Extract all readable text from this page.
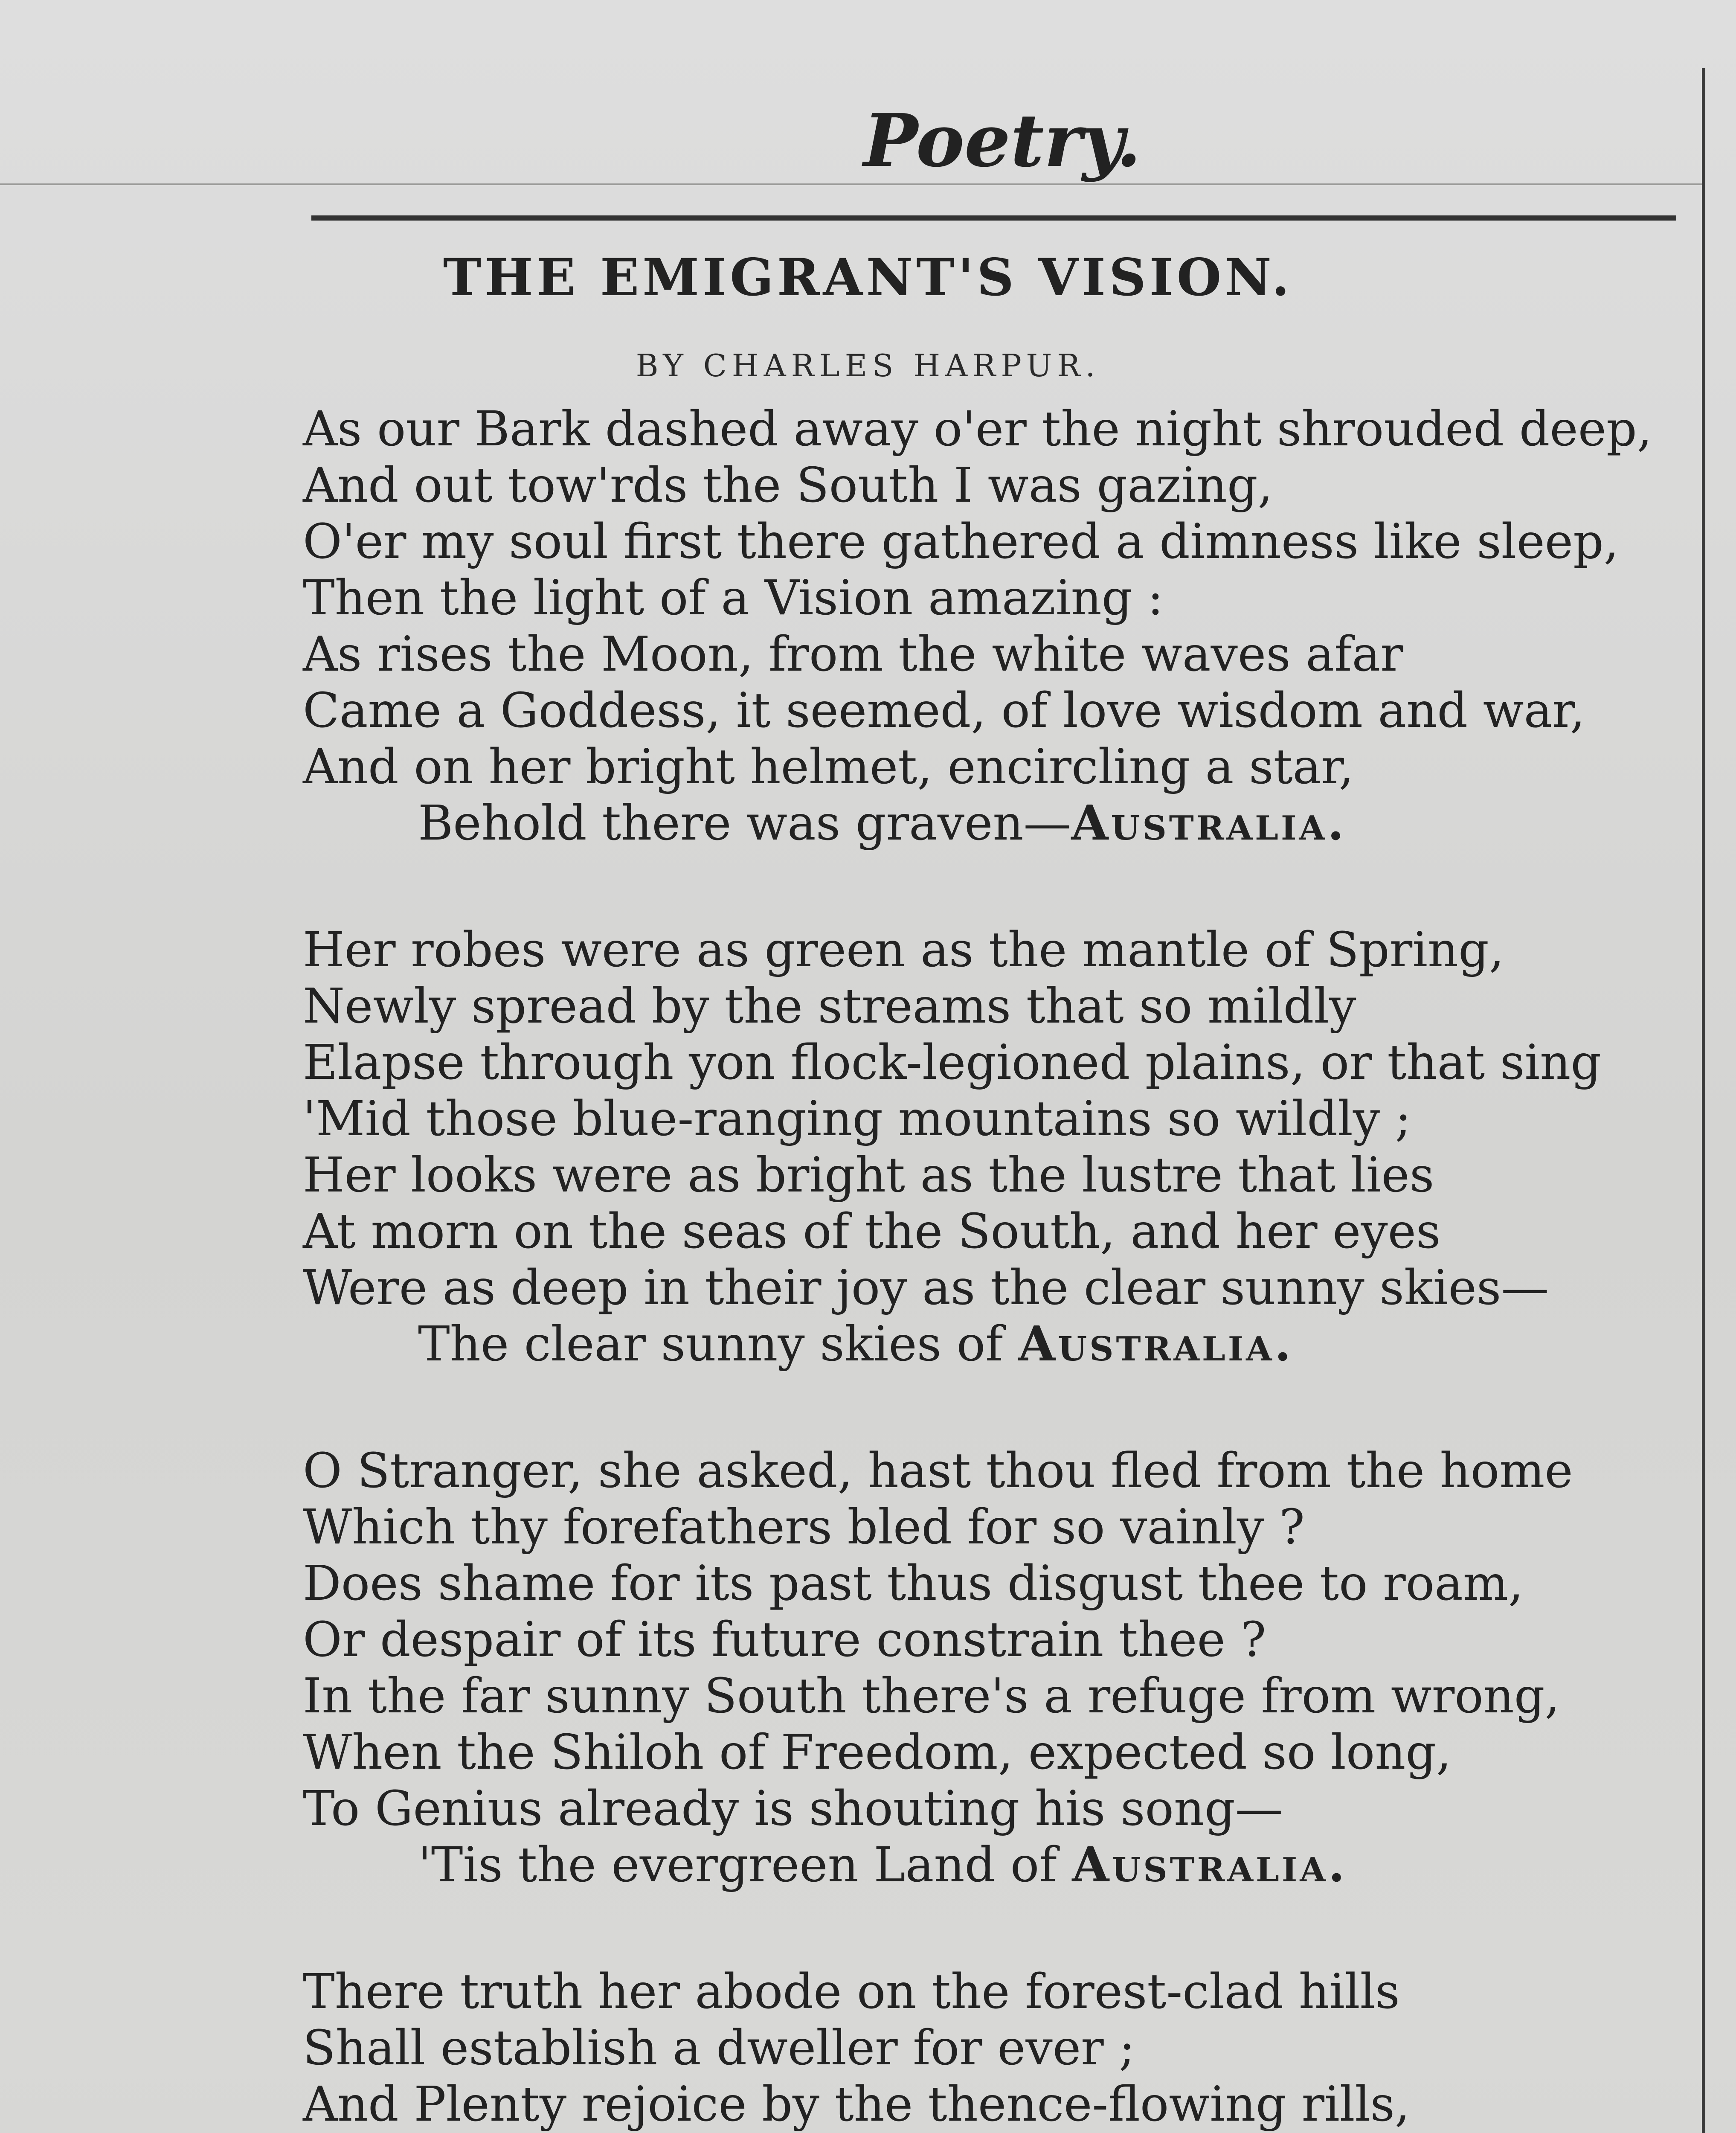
Poetry.
THE EMIGRANT'S VISION.
BY CHARLES HARPUR.
As our Bark dashed away o'er the night shrouded deep,
And out tow'rds the South I was gazing,
O'er my soul first there gathered a dimness like sleep,
Then the light of a Vision amazing :
As rises the Moon, from the white waves afar
Came a Goddess, it seemed, of love wisdom and war,
And on her bright helmet, encircling a star,
Behold there was graven—Australia.
Her robes were as green as the mantle of Spring,
Newly spread by the streams that so mildly
Elapse through yon flock-legioned plains, or that sing
'Mid those blue-ranging mountains so wildly ;
Her looks were as bright as the lustre that lies
At morn on the seas of the South, and her eyes
Were as deep in their joy as the clear sunny skies—
The clear sunny skies of Australia.
O Stranger, she asked, hast thou fled from the home
Which thy forefathers bled for so vainly ?
Does shame for its past thus disgust thee to roam,
Or despair of its future constrain thee ?
In the far sunny South there's a refuge from wrong,
When the Shiloh of Freedom, expected so long,
To Genius already is shouting his song—
'Tis the evergreen Land of Australia.
There truth her abode on the forest-clad hills
Shall establish a dweller for ever ;
And Plenty rejoice by the thence-flowing rills,
